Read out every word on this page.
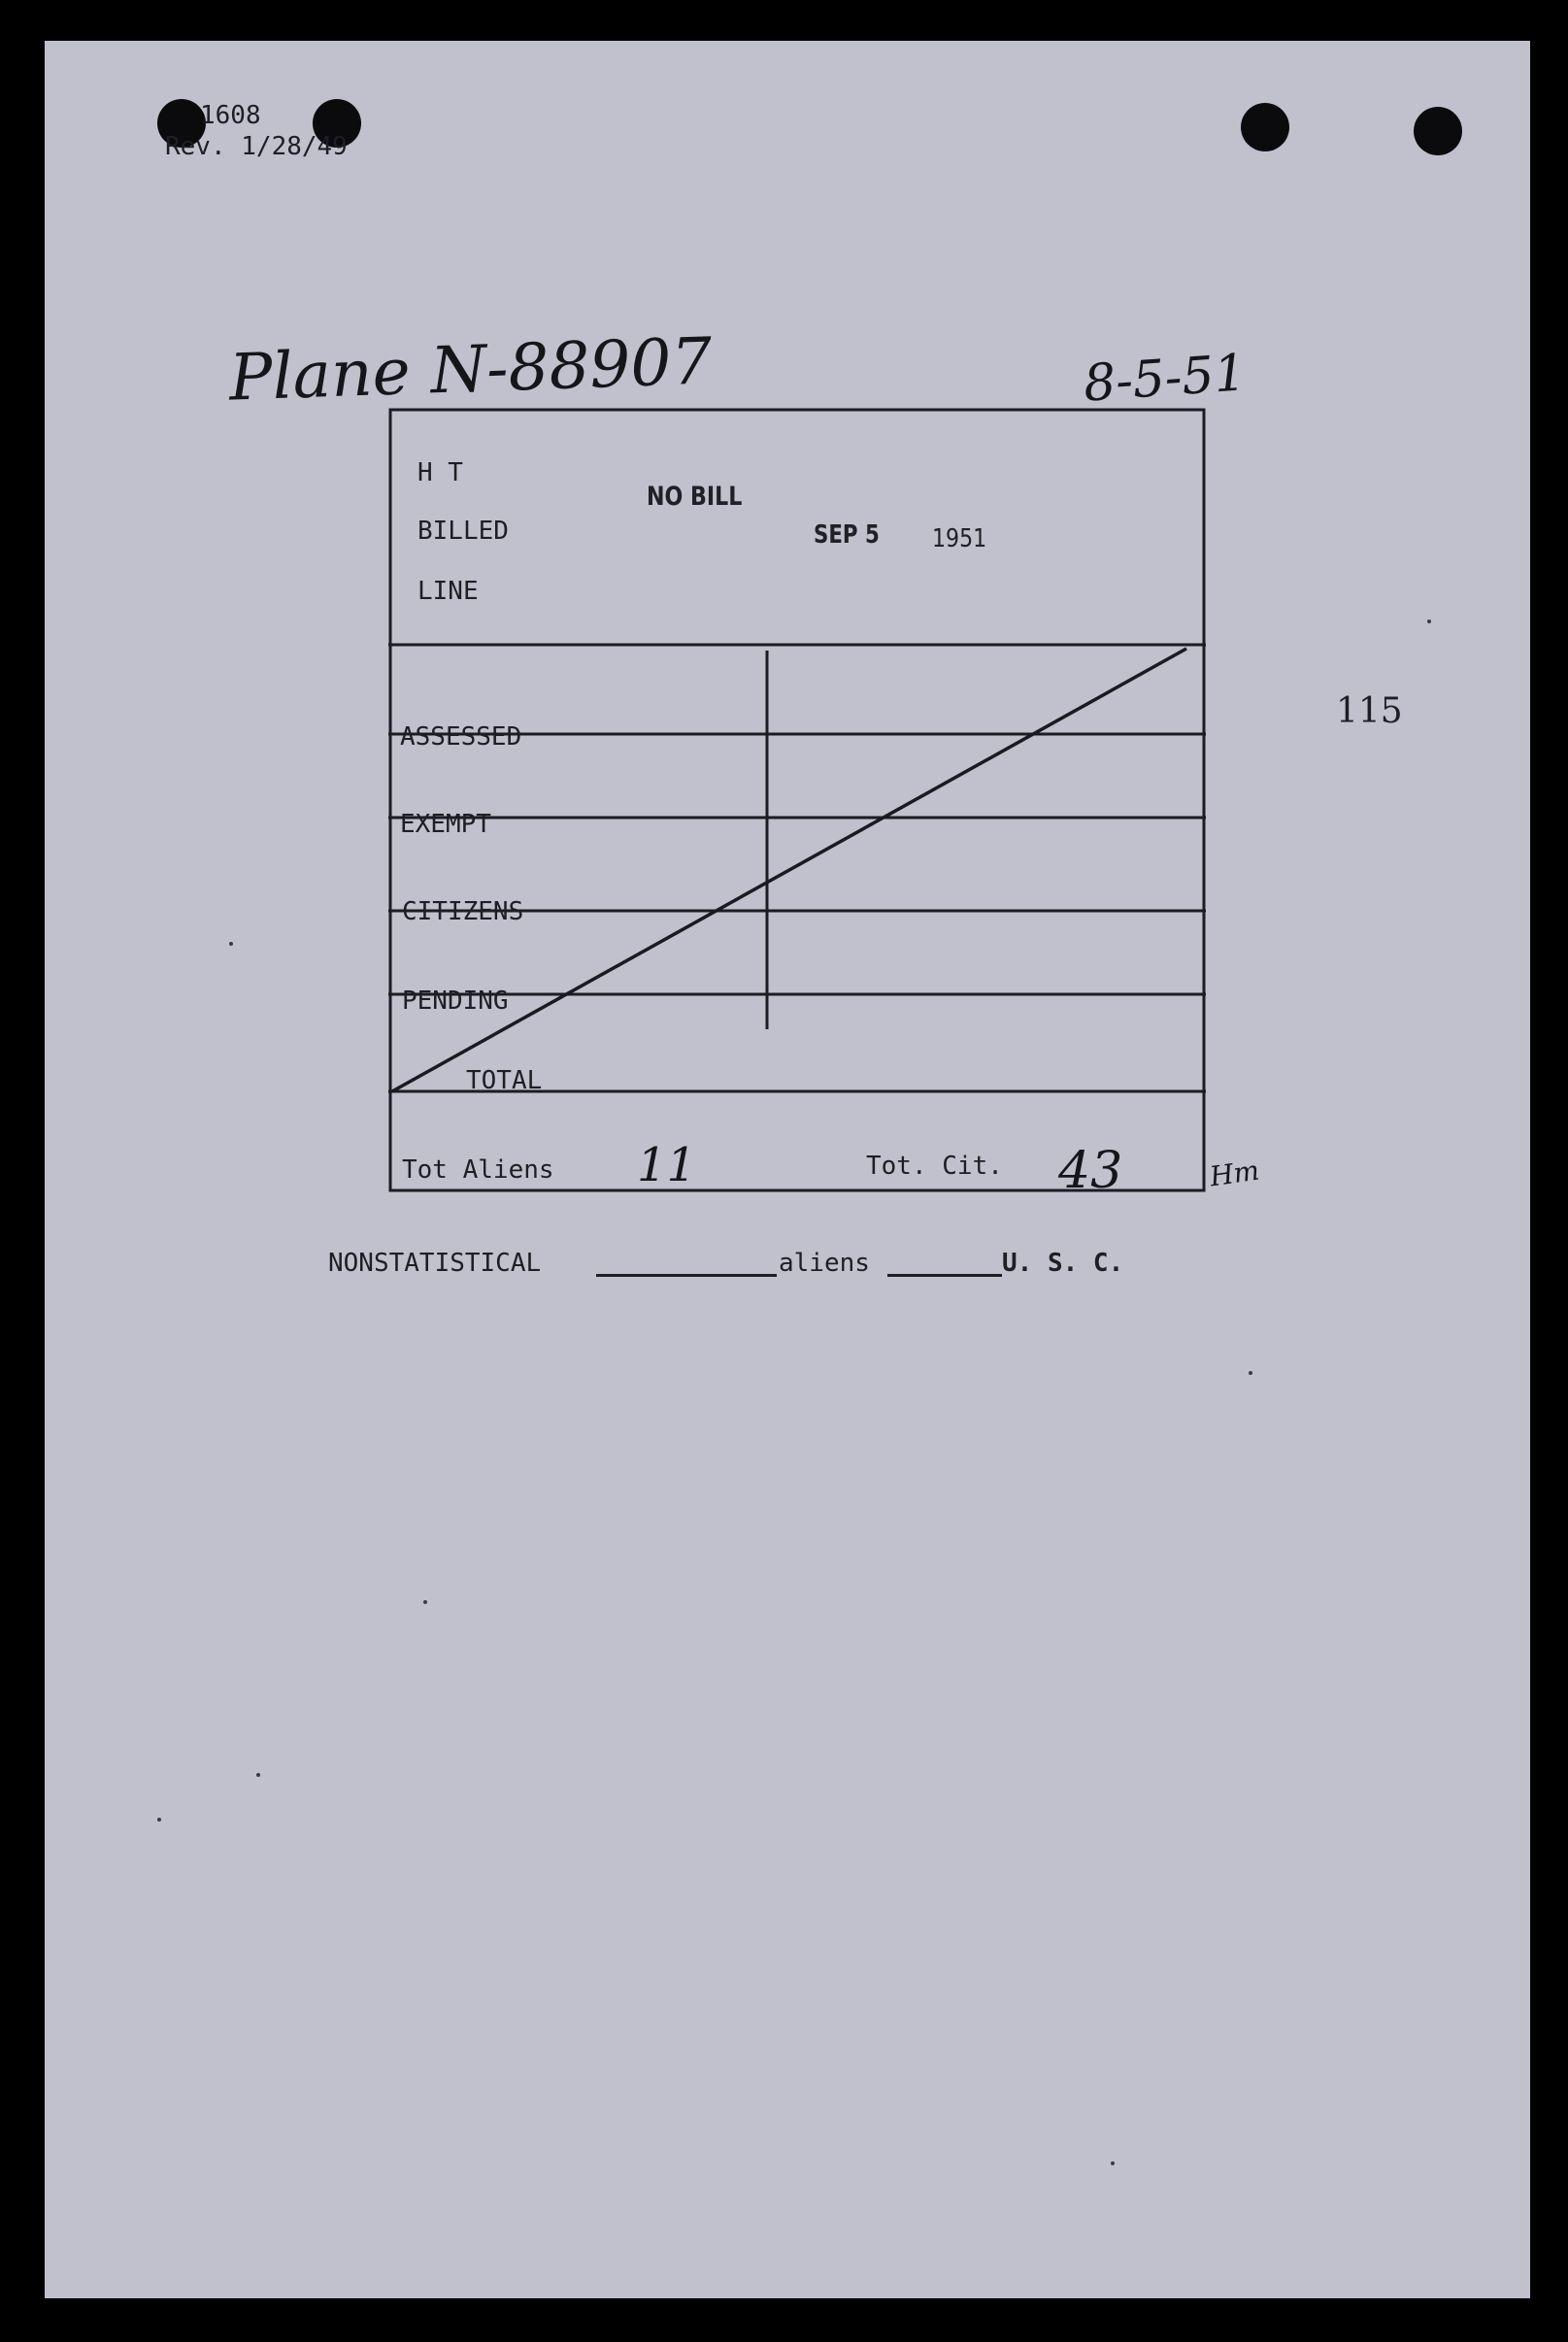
1608
Rev. 1/28/49
Plane N-88907	8-5-51
115
H T
BILLED
LINE
NO BILL
SEP 5 1951
ASSESSED
EXEMPT
CITIZENS
PENDING
TOTAL
Tot Aliens 11	Tot. Cit. 43	Hm
NONSTATISTICAL	aliens	U. S. C.
